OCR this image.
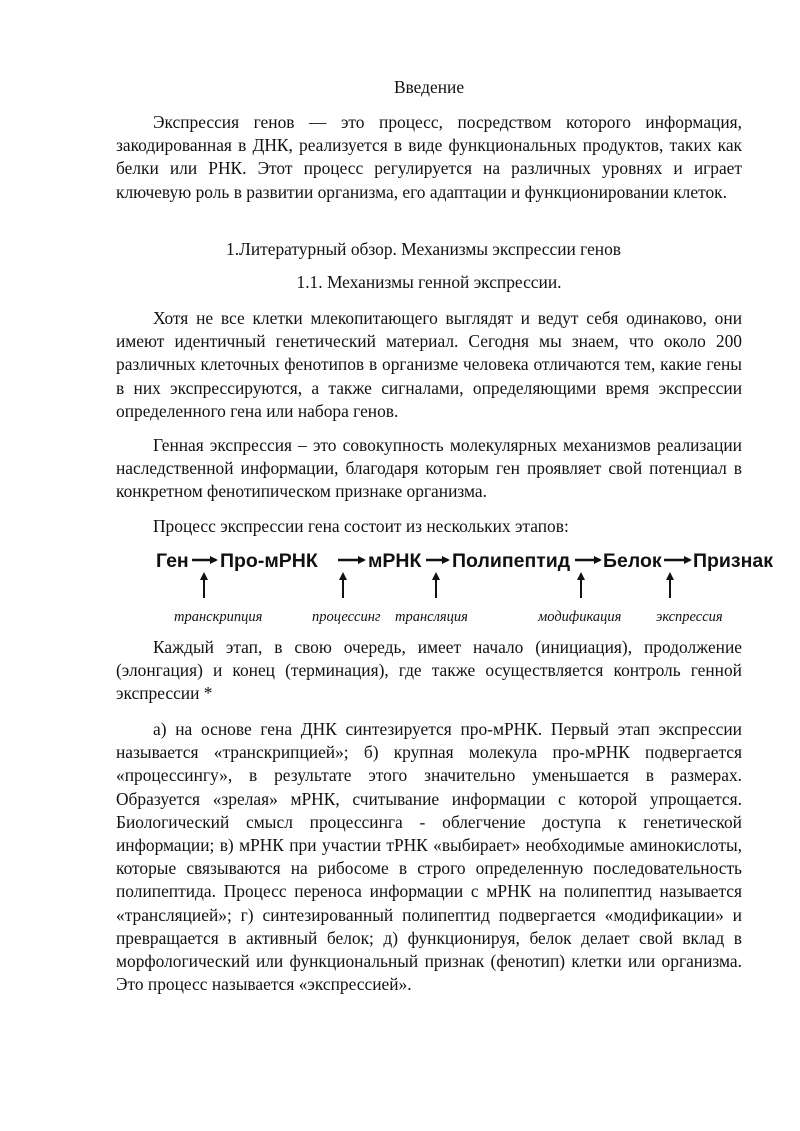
Введение

Экспрессия генов — это процесс, посредством которого информация, закодированная в ДНК, реализуется в виде функциональных продуктов, таких как белки или РНК. Этот процесс регулируется на различных уровнях и играет ключевую роль в развитии организма, его адаптации и функционировании клеток.

1.Литературный обзор. Механизмы экспрессии генов

1.1. Механизмы генной экспрессии.

Хотя не все клетки млекопитающего выглядят и ведут себя одинаково, они имеют идентичный генетический материал. Сегодня мы знаем, что около 200 различных клеточных фенотипов в организме человека отличаются тем, какие гены в них экспрессируются, а также сигналами, определяющими время экспрессии определенного гена или набора генов.

Генная экспрессия – это совокупность молекулярных механизмов реализации наследственной информации, благодаря которым ген проявляет свой потенциал в конкретном фенотипическом признаке организма.

Процесс экспрессии гена состоит из нескольких этапов:

Ген Про-мРНК	мРНК Полипептид Белок Признак
транскрипция	процессинг трансляция	модификация экспрессия

Каждый этап, в свою очередь, имеет начало (инициация), продолжение (элонгация) и конец (терминация), где также осуществляется контроль генной экспрессии *

а) на основе гена ДНК синтезируется про-мРНК. Первый этап экспрессии называется «транскрипцией»; б) крупная молекула про-мРНК подвергается «процессингу», в результате этого значительно уменьшается в размерах. Образуется «зрелая» мРНК, считывание информации с которой упрощается. Биологический смысл процессинга - облегчение доступа к генетической информации; в) мРНК при участии тРНК «выбирает» необходимые аминокислоты, которые связываются на рибосоме в строго определенную последовательность полипептида. Процесс переноса информации с мРНК на полипептид называется «трансляцией»; г) синтезированный полипептид подвергается «модификации» и превращается в активный белок; д) функционируя, белок делает свой вклад в морфологический или функциональный признак (фенотип) клетки или организма. Это процесс называется «экспрессией».
